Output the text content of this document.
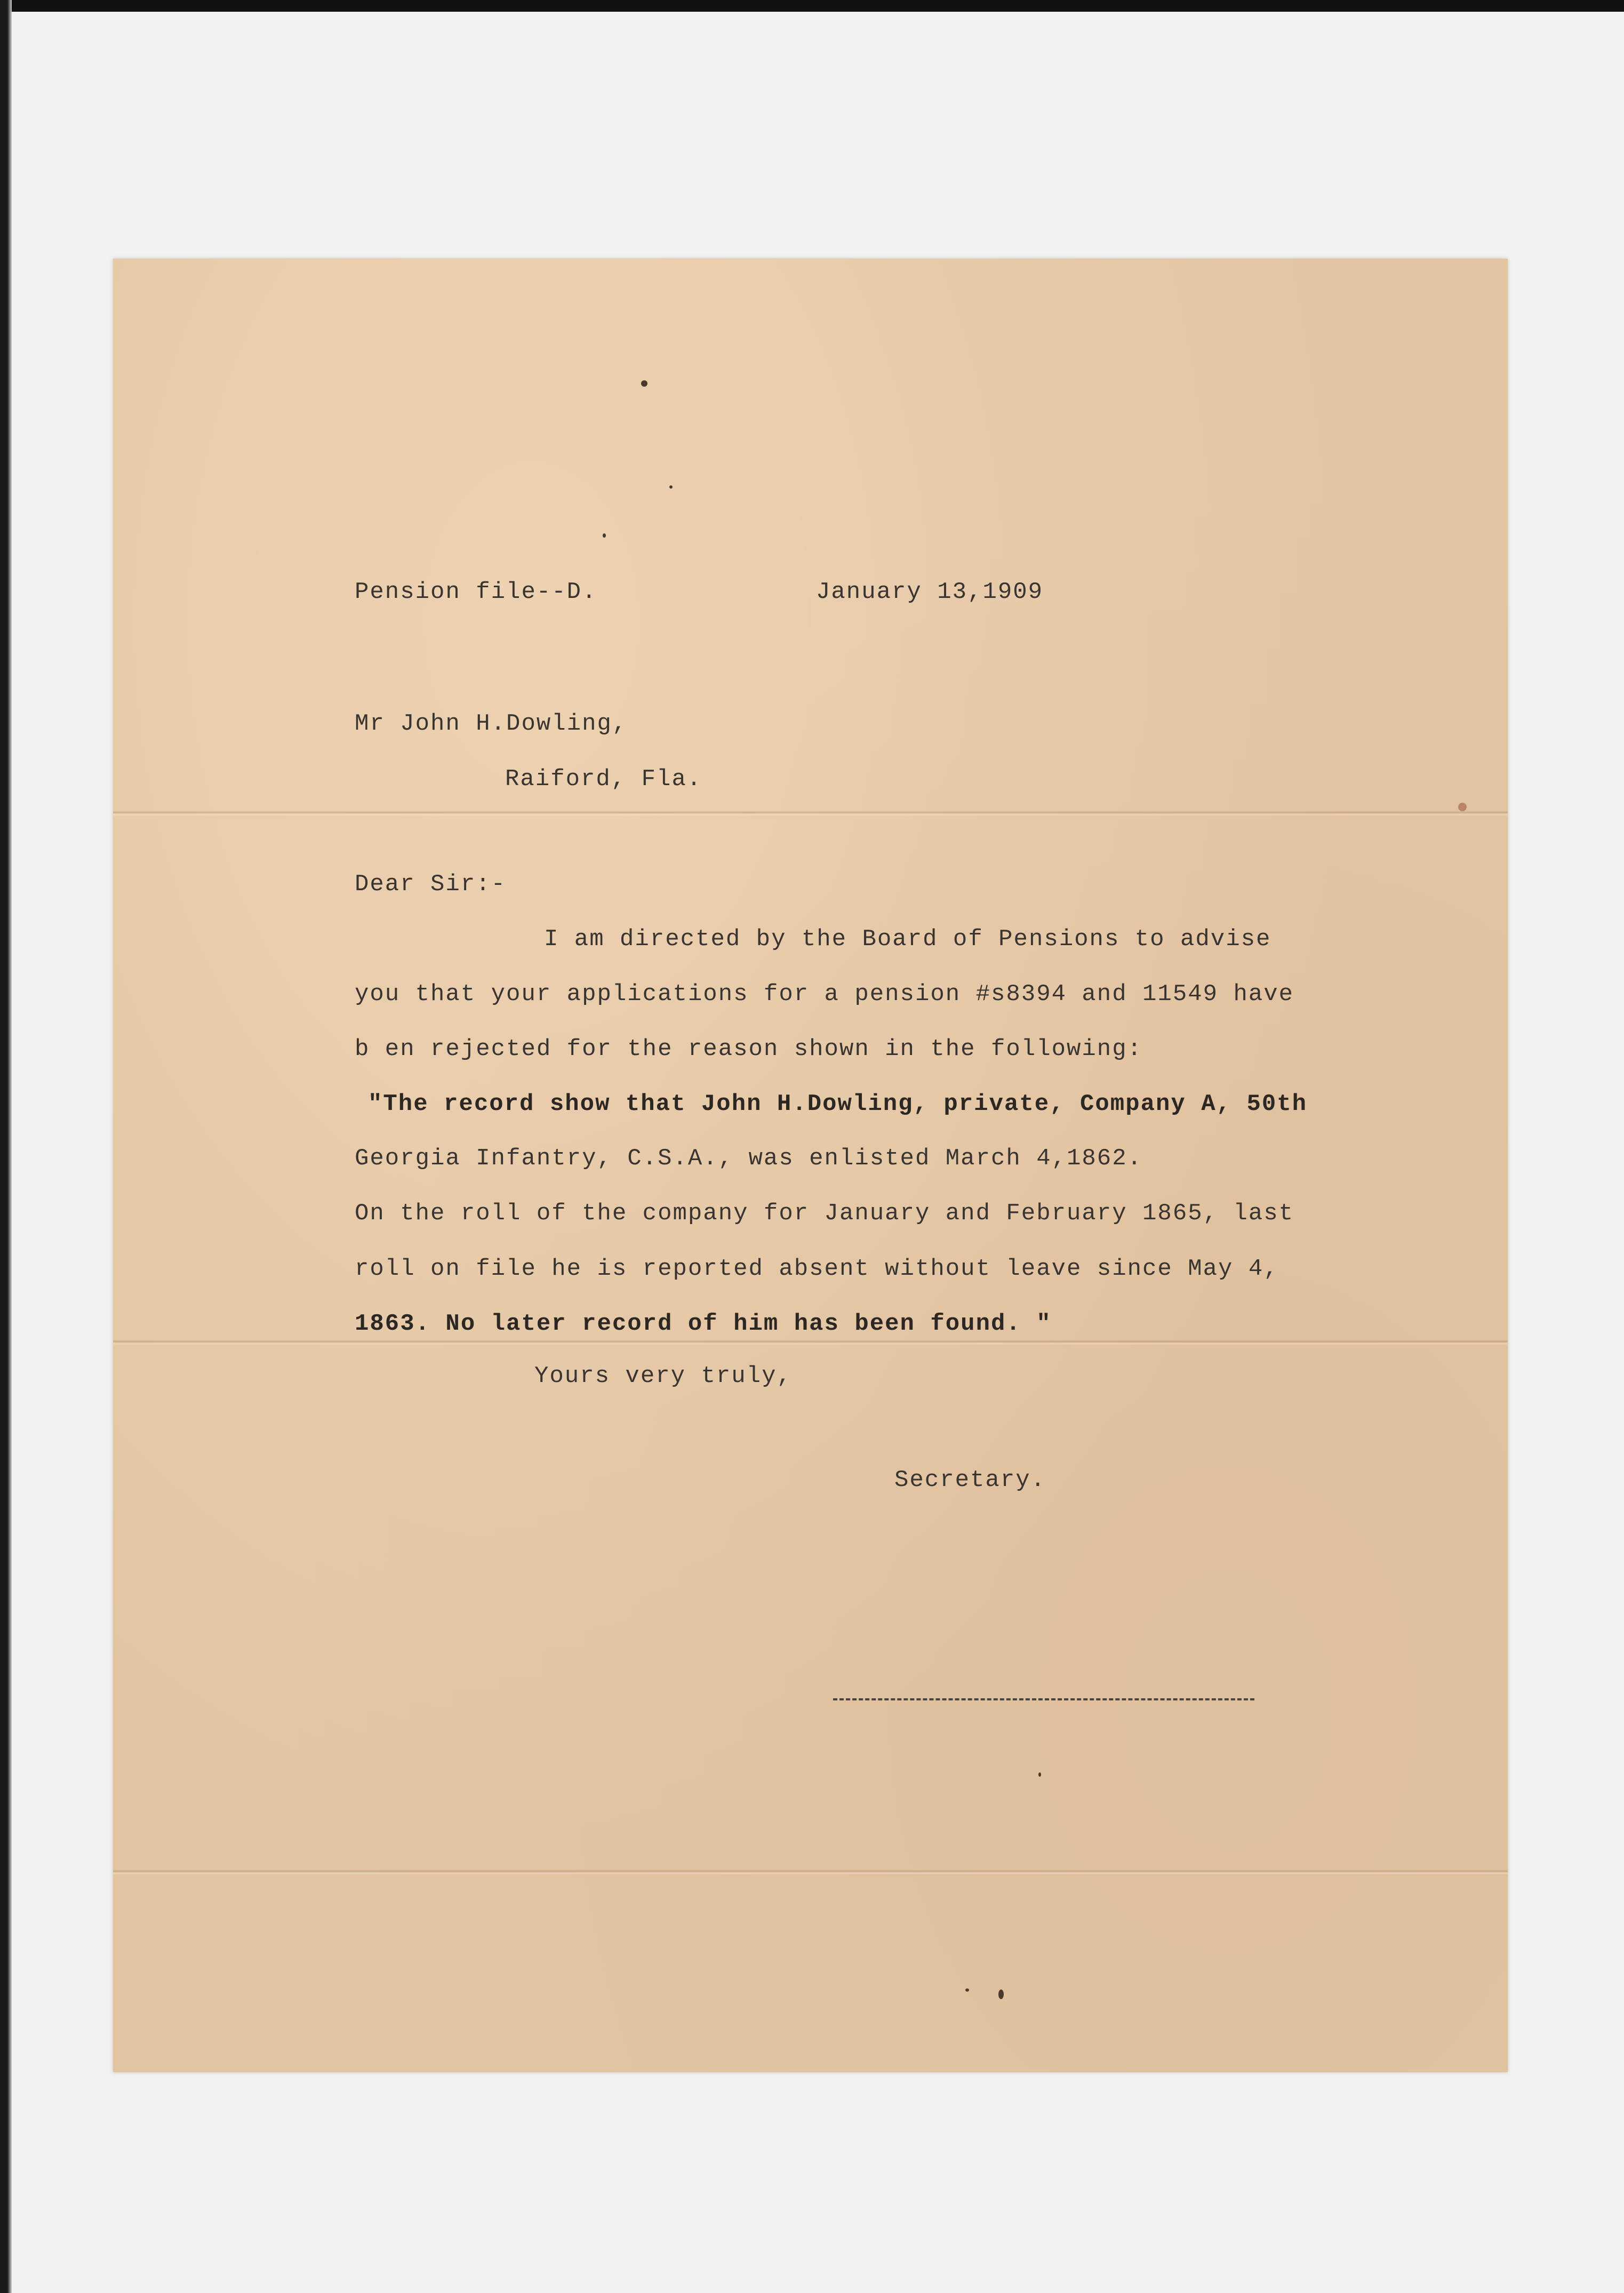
Pension file--D.	January 13,1909
Mr John H.Dowling,
Raiford, Fla.
Dear Sir:-
I am directed by the Board of Pensions to advise
you that your applications for a pension #s8394 and 11549 have
b en rejected for the reason shown in the following:
"The record show that John H.Dowling, private, Company A, 50th
Georgia Infantry, C.S.A., was enlisted March 4,1862.
On the roll of the company for January and February 1865, last
roll on file he is reported absent without leave since May 4,
1863. No later record of him has been found. "
Yours very truly,
Secretary.
